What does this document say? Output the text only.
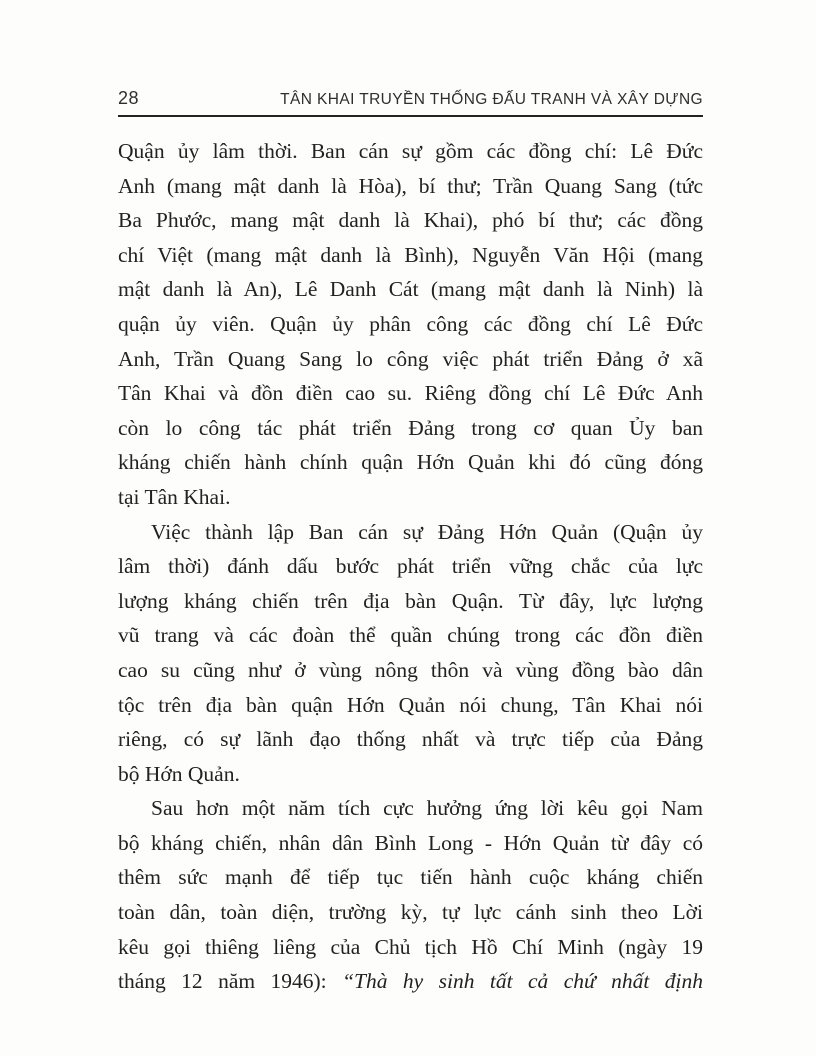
28	TÂN KHAI TRUYỀN THỐNG ĐẤU TRANH VÀ XÂY DỰNG
Quận ủy lâm thời. Ban cán sự gồm các đồng chí: Lê Đức
Anh (mang mật danh là Hòa), bí thư; Trần Quang Sang (tức
Ba Phước, mang mật danh là Khai), phó bí thư; các đồng
chí Việt (mang mật danh là Bình), Nguyễn Văn Hội (mang
mật danh là An), Lê Danh Cát (mang mật danh là Ninh) là
quận ủy viên. Quận ủy phân công các đồng chí Lê Đức
Anh, Trần Quang Sang lo công việc phát triển Đảng ở xã
Tân Khai và đồn điền cao su. Riêng đồng chí Lê Đức Anh
còn lo công tác phát triển Đảng trong cơ quan Ủy ban
kháng chiến hành chính quận Hớn Quản khi đó cũng đóng
tại Tân Khai.
Việc thành lập Ban cán sự Đảng Hớn Quản (Quận ủy
lâm thời) đánh dấu bước phát triển vững chắc của lực
lượng kháng chiến trên địa bàn Quận. Từ đây, lực lượng
vũ trang và các đoàn thể quần chúng trong các đồn điền
cao su cũng như ở vùng nông thôn và vùng đồng bào dân
tộc trên địa bàn quận Hớn Quản nói chung, Tân Khai nói
riêng, có sự lãnh đạo thống nhất và trực tiếp của Đảng
bộ Hớn Quản.
Sau hơn một năm tích cực hưởng ứng lời kêu gọi Nam
bộ kháng chiến, nhân dân Bình Long - Hớn Quản từ đây có
thêm sức mạnh để tiếp tục tiến hành cuộc kháng chiến
toàn dân, toàn diện, trường kỳ, tự lực cánh sinh theo Lời
kêu gọi thiêng liêng của Chủ tịch Hồ Chí Minh (ngày 19
tháng 12 năm 1946): “Thà hy sinh tất cả chứ nhất định
